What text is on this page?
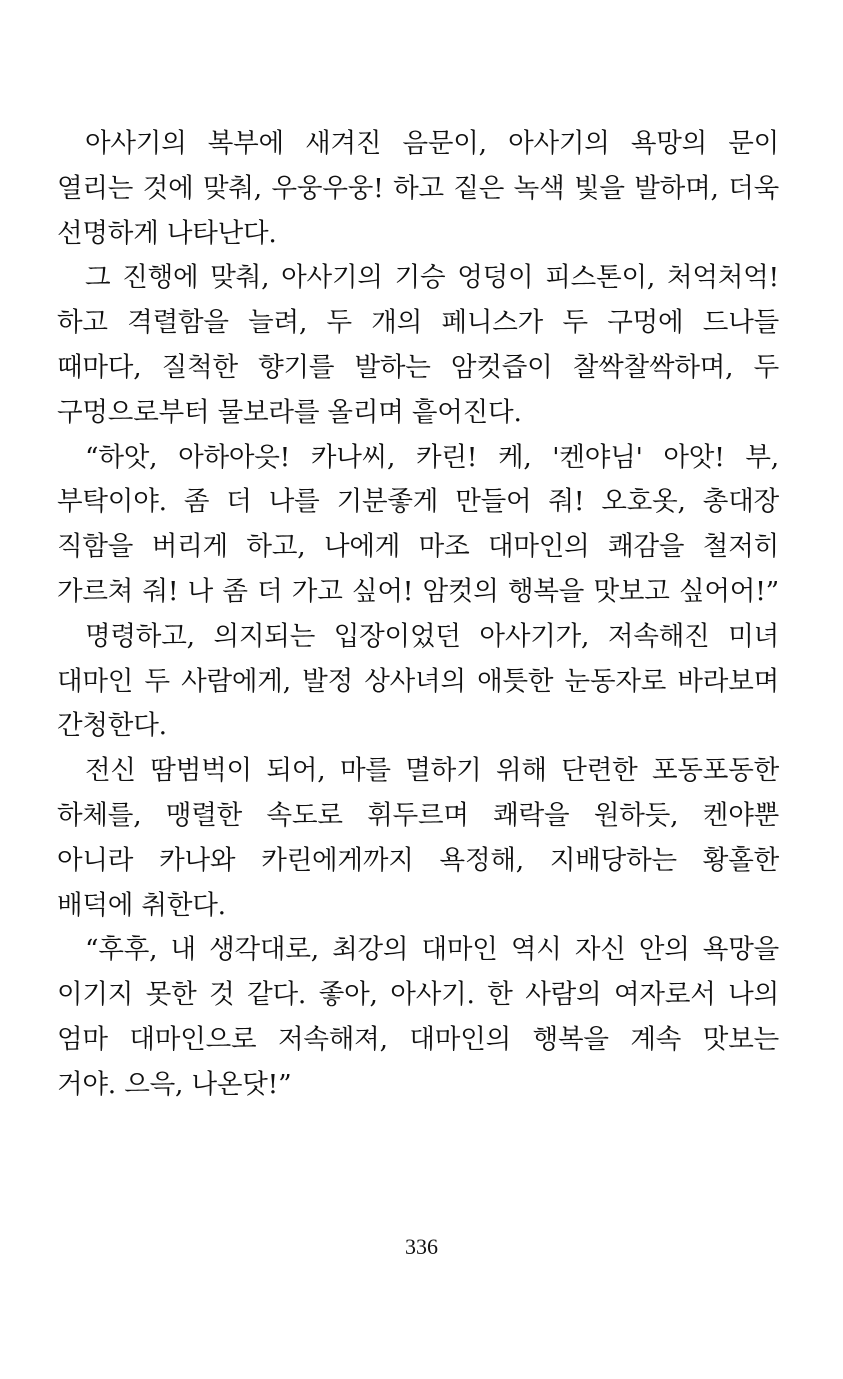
아사기의 복부에 새겨진 음문이, 아사기의 욕망의 문이
열리는 것에 맞춰, 우웅우웅! 하고 짙은 녹색 빛을 발하며, 더욱
선명하게 나타난다.
그 진행에 맞춰, 아사기의 기승 엉덩이 피스톤이, 처억처억!
하고 격렬함을 늘려, 두 개의 페니스가 두 구멍에 드나들
때마다, 질척한 향기를 발하는 암컷즙이 찰싹찰싹하며, 두
구멍으로부터 물보라를 올리며 흩어진다.
“하앗, 아하아읏! 카나씨, 카린! 케, '켄야님' 아앗! 부,
부탁이야. 좀 더 나를 기분좋게 만들어 줘! 오호옷, 총대장
직함을 버리게 하고, 나에게 마조 대마인의 쾌감을 철저히
가르쳐 줘! 나 좀 더 가고 싶어! 암컷의 행복을 맛보고 싶어어!”
명령하고, 의지되는 입장이었던 아사기가, 저속해진 미녀
대마인 두 사람에게, 발정 상사녀의 애틋한 눈동자로 바라보며
간청한다.
전신 땀범벅이 되어, 마를 멸하기 위해 단련한 포동포동한
하체를, 맹렬한 속도로 휘두르며 쾌락을 원하듯, 켄야뿐
아니라 카나와 카린에게까지 욕정해, 지배당하는 황홀한
배덕에 취한다.
“후후, 내 생각대로, 최강의 대마인 역시 자신 안의 욕망을
이기지 못한 것 같다. 좋아, 아사기. 한 사람의 여자로서 나의
엄마 대마인으로 저속해져, 대마인의 행복을 계속 맛보는
거야. 으윽, 나온닷!”
336
